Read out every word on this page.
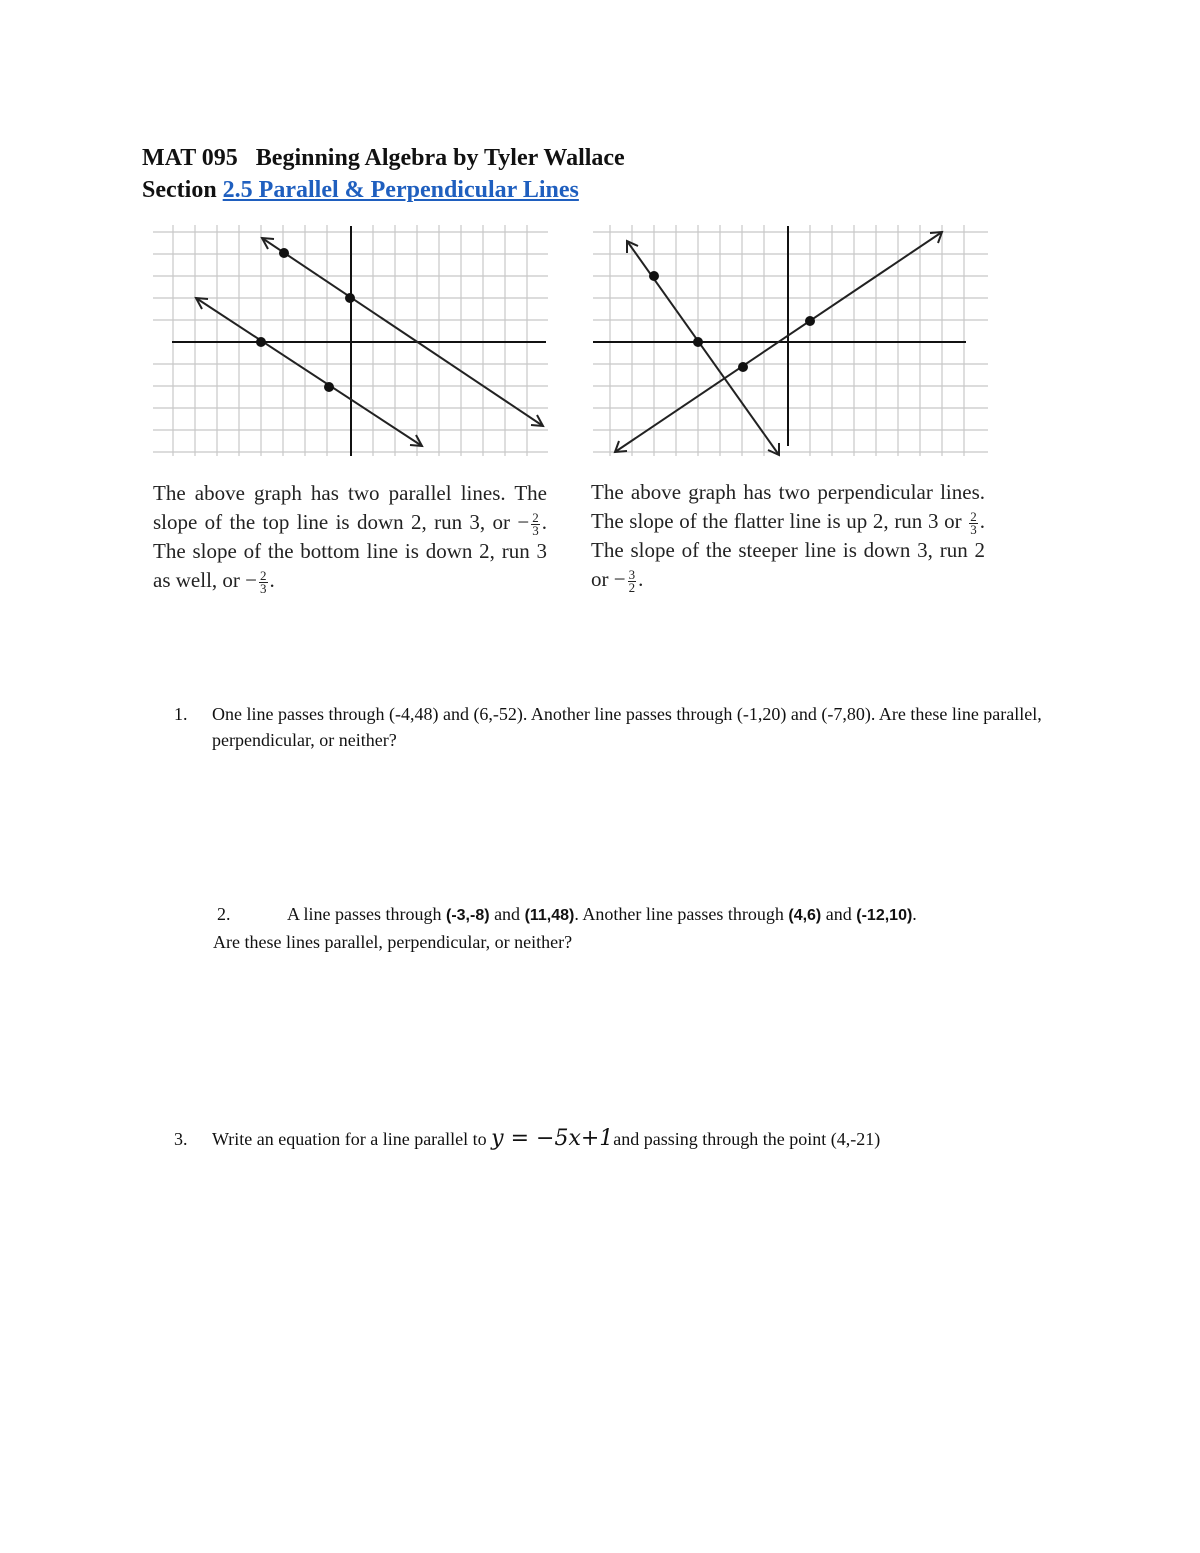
MAT 095   Beginning Algebra by Tyler Wallace
Section 2.5 Parallel & Perpendicular Lines
The above graph has two parallel lines. The slope of the top line is down 2, run 3, or − $\frac{2}{3}$ . The slope of the bottom line is down 2, run 3 as well, or − $\frac{2}{3}$ .
The above graph has two perpendicular lines. The slope of the flatter line is up 2, run 3 or $\frac{2}{3}$ . The slope of the steeper line is down 3, run 2 or − $\frac{3}{2}$ .
1.	One line passes through (-4,48) and (6,-52). Another line passes through (-1,20) and (-7,80). Are these line parallel, perpendicular, or neither?
2.	A line passes through (-3,-8) and (11,48). Another line passes through (4,6) and (-12,10).
Are these lines parallel, perpendicular, or neither?
3.	Write an equation for a line parallel to y = −5x+1 and passing through the point (4,-21)
